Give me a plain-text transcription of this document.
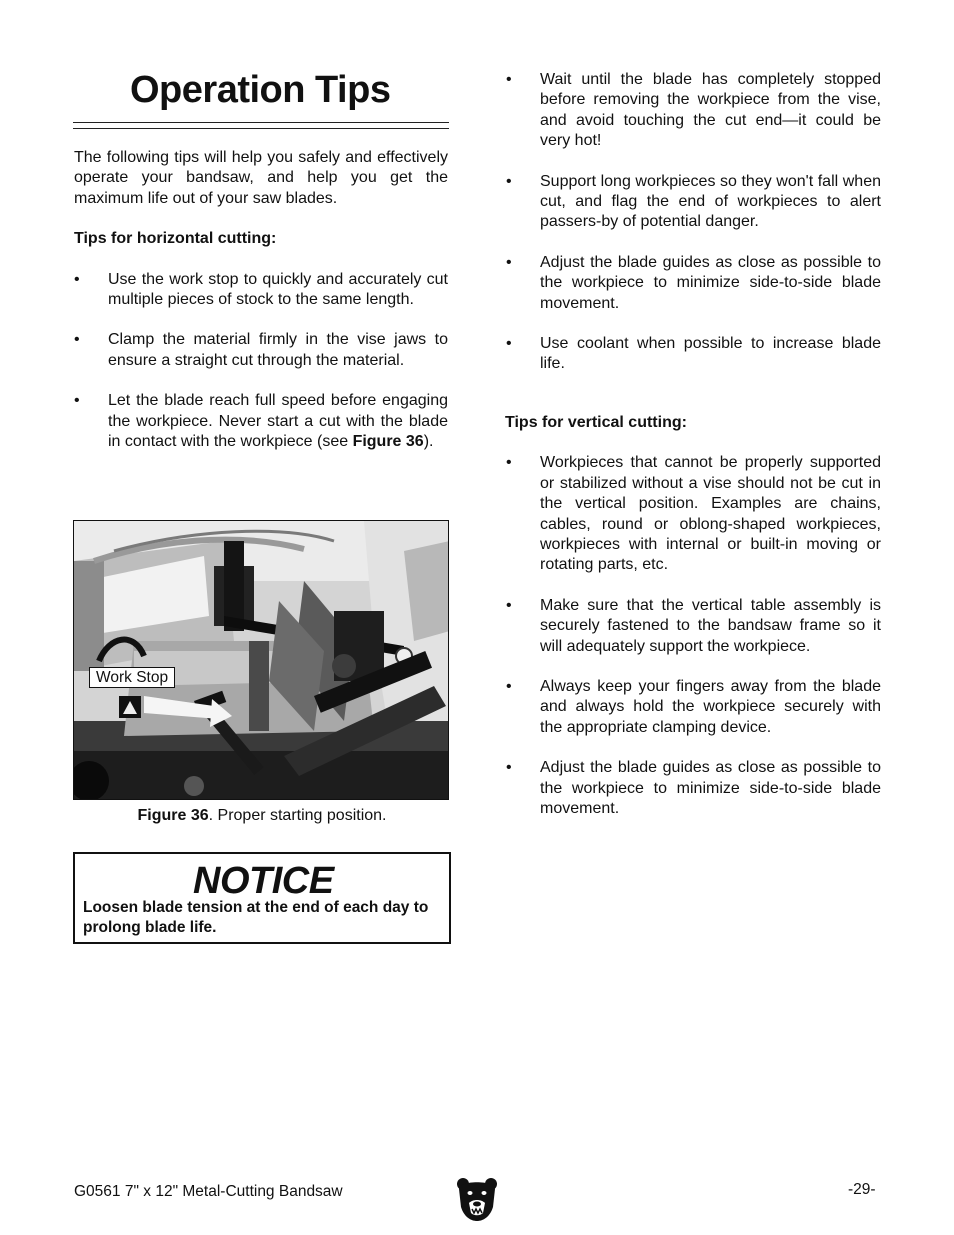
Operation Tips

The following tips will help you safely and effectively operate your bandsaw, and help you get the maximum life out of your saw blades.

Tips for horizontal cutting:

• Use the work stop to quickly and accurately cut multiple pieces of stock to the same length.
• Clamp the material firmly in the vise jaws to ensure a straight cut through the material.
• Let the blade reach full speed before engaging the workpiece. Never start a cut with the blade in contact with the workpiece (see Figure 36).
Work Stop
Figure 36. Proper starting position.
NOTICE
Loosen blade tension at the end of each day to prolong blade life.
• Wait until the blade has completely stopped before removing the workpiece from the vise, and avoid touching the cut end—it could be very hot!
• Support long workpieces so they won't fall when cut, and flag the end of workpieces to alert passers-by of potential danger.
• Adjust the blade guides as close as possible to the workpiece to minimize side-to-side blade movement.
• Use coolant when possible to increase blade life.

Tips for vertical cutting:

• Workpieces that cannot be properly supported or stabilized without a vise should not be cut in the vertical position. Examples are chains, cables, round or oblong-shaped workpieces, workpieces with internal or built-in moving or rotating parts, etc.
• Make sure that the vertical table assembly is securely fastened to the bandsaw frame so it will adequately support the workpiece.
• Always keep your fingers away from the blade and always hold the workpiece securely with the appropriate clamping device.
• Adjust the blade guides as close as possible to the workpiece to minimize side-to-side blade movement.
G0561 7" x 12" Metal-Cutting Bandsaw	-29-
